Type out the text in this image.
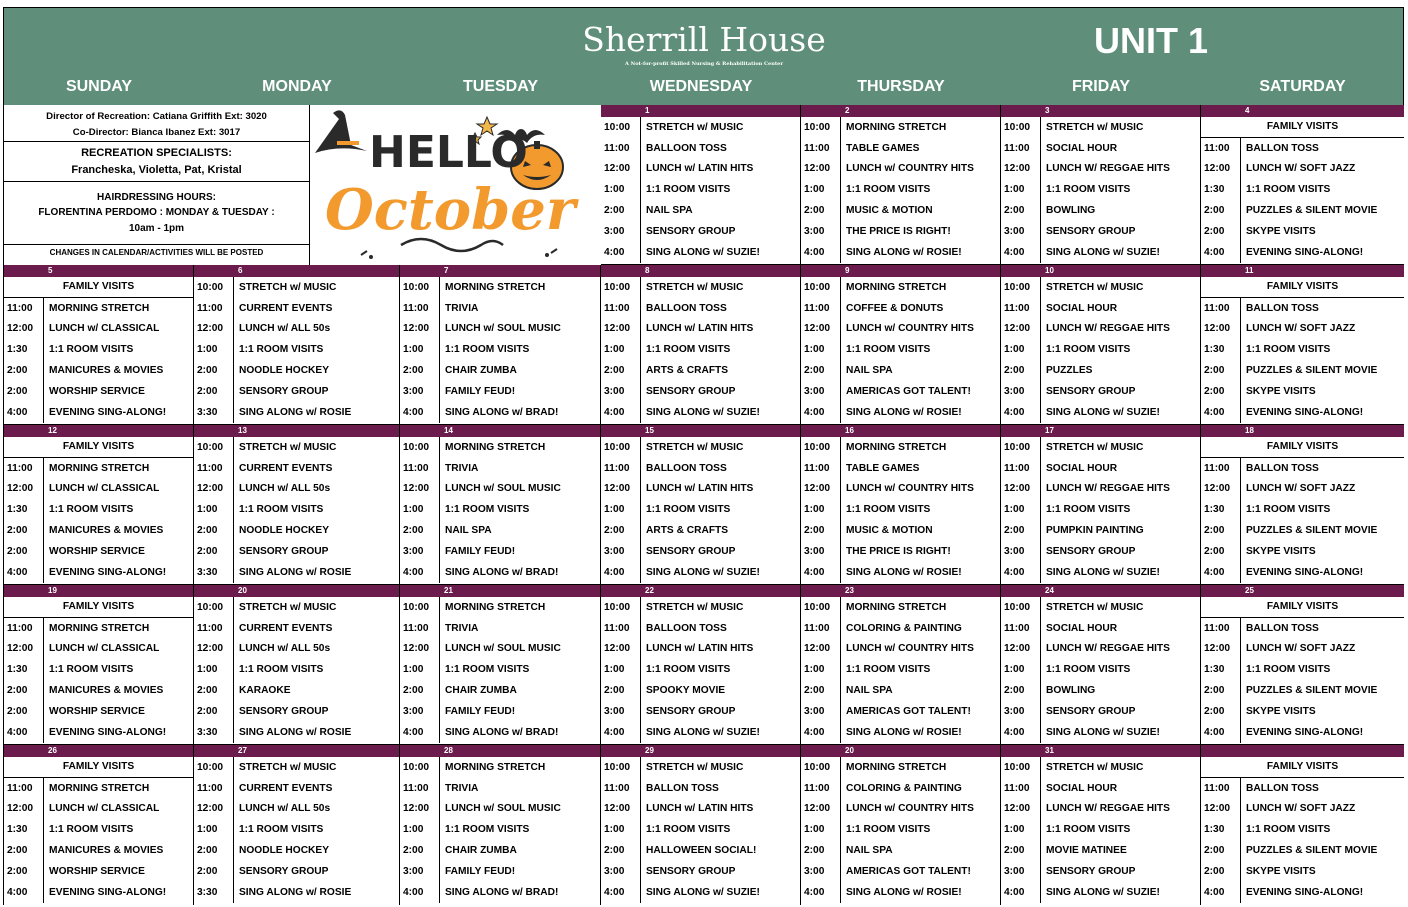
Sherrill House
A Not-for-profit Skilled Nursing & Rehabilitation Center
UNIT 1
SUNDAY	MONDAY	TUESDAY	WEDNESDAY	THURSDAY	FRIDAY	SATURDAY
Director of Recreation: Catiana Griffith Ext: 3020
Co-Director: Bianca Ibanez Ext: 3017
RECREATION SPECIALISTS:
Francheska, Violetta, Pat, Kristal
HAIRDRESSING HOURS:
FLORENTINA PERDOMO : MONDAY & TUESDAY :
10am - 1pm
CHANGES IN CALENDAR/ACTIVITIES WILL BE POSTED
HELLO
October
1
10:00	STRETCH w/ MUSIC
11:00	BALLOON TOSS
12:00	LUNCH w/ LATIN HITS
1:00	1:1 ROOM VISITS
2:00	NAIL SPA
3:00	SENSORY GROUP
4:00	SING ALONG w/ SUZIE!
2
10:00	MORNING STRETCH
11:00	TABLE GAMES
12:00	LUNCH w/ COUNTRY HITS
1:00	1:1 ROOM VISITS
2:00	MUSIC & MOTION
3:00	THE PRICE IS RIGHT!
4:00	SING ALONG w/ ROSIE!
3
10:00	STRETCH w/ MUSIC
11:00	SOCIAL HOUR
12:00	LUNCH W/ REGGAE HITS
1:00	1:1 ROOM VISITS
2:00	BOWLING
3:00	SENSORY GROUP
4:00	SING ALONG w/ SUZIE!
4
FAMILY VISITS
11:00	BALLON TOSS
12:00	LUNCH W/ SOFT JAZZ
1:30	1:1 ROOM VISITS
2:00	PUZZLES & SILENT MOVIE
2:00	SKYPE VISITS
4:00	EVENING SING-ALONG!
5
FAMILY VISITS
11:00	MORNING STRETCH
12:00	LUNCH w/ CLASSICAL
1:30	1:1 ROOM VISITS
2:00	MANICURES & MOVIES
2:00	WORSHIP SERVICE
4:00	EVENING SING-ALONG!
6
10:00	STRETCH w/ MUSIC
11:00	CURRENT EVENTS
12:00	LUNCH w/ ALL 50s
1:00	1:1 ROOM VISITS
2:00	NOODLE HOCKEY
2:00	SENSORY GROUP
3:30	SING ALONG w/ ROSIE
7
10:00	MORNING STRETCH
11:00	TRIVIA
12:00	LUNCH w/ SOUL MUSIC
1:00	1:1 ROOM VISITS
2:00	CHAIR ZUMBA
3:00	FAMILY FEUD!
4:00	SING ALONG w/ BRAD!
8
10:00	STRETCH w/ MUSIC
11:00	BALLOON TOSS
12:00	LUNCH w/ LATIN HITS
1:00	1:1 ROOM VISITS
2:00	ARTS & CRAFTS
3:00	SENSORY GROUP
4:00	SING ALONG w/ SUZIE!
9
10:00	MORNING STRETCH
11:00	COFFEE & DONUTS
12:00	LUNCH w/ COUNTRY HITS
1:00	1:1 ROOM VISITS
2:00	NAIL SPA
3:00	AMERICAS GOT TALENT!
4:00	SING ALONG w/ ROSIE!
10
10:00	STRETCH w/ MUSIC
11:00	SOCIAL HOUR
12:00	LUNCH W/ REGGAE HITS
1:00	1:1 ROOM VISITS
2:00	PUZZLES
3:00	SENSORY GROUP
4:00	SING ALONG w/ SUZIE!
11
FAMILY VISITS
11:00	BALLON TOSS
12:00	LUNCH W/ SOFT JAZZ
1:30	1:1 ROOM VISITS
2:00	PUZZLES & SILENT MOVIE
2:00	SKYPE VISITS
4:00	EVENING SING-ALONG!
12
FAMILY VISITS
11:00	MORNING STRETCH
12:00	LUNCH w/ CLASSICAL
1:30	1:1 ROOM VISITS
2:00	MANICURES & MOVIES
2:00	WORSHIP SERVICE
4:00	EVENING SING-ALONG!
13
10:00	STRETCH w/ MUSIC
11:00	CURRENT EVENTS
12:00	LUNCH w/ ALL 50s
1:00	1:1 ROOM VISITS
2:00	NOODLE HOCKEY
2:00	SENSORY GROUP
3:30	SING ALONG w/ ROSIE
14
10:00	MORNING STRETCH
11:00	TRIVIA
12:00	LUNCH w/ SOUL MUSIC
1:00	1:1 ROOM VISITS
2:00	NAIL SPA
3:00	FAMILY FEUD!
4:00	SING ALONG w/ BRAD!
15
10:00	STRETCH w/ MUSIC
11:00	BALLOON TOSS
12:00	LUNCH w/ LATIN HITS
1:00	1:1 ROOM VISITS
2:00	ARTS & CRAFTS
3:00	SENSORY GROUP
4:00	SING ALONG w/ SUZIE!
16
10:00	MORNING STRETCH
11:00	TABLE GAMES
12:00	LUNCH w/ COUNTRY HITS
1:00	1:1 ROOM VISITS
2:00	MUSIC & MOTION
3:00	THE PRICE IS RIGHT!
4:00	SING ALONG w/ ROSIE!
17
10:00	STRETCH w/ MUSIC
11:00	SOCIAL HOUR
12:00	LUNCH W/ REGGAE HITS
1:00	1:1 ROOM VISITS
2:00	PUMPKIN PAINTING
3:00	SENSORY GROUP
4:00	SING ALONG w/ SUZIE!
18
FAMILY VISITS
11:00	BALLON TOSS
12:00	LUNCH W/ SOFT JAZZ
1:30	1:1 ROOM VISITS
2:00	PUZZLES & SILENT MOVIE
2:00	SKYPE VISITS
4:00	EVENING SING-ALONG!
19
FAMILY VISITS
11:00	MORNING STRETCH
12:00	LUNCH w/ CLASSICAL
1:30	1:1 ROOM VISITS
2:00	MANICURES & MOVIES
2:00	WORSHIP SERVICE
4:00	EVENING SING-ALONG!
20
10:00	STRETCH w/ MUSIC
11:00	CURRENT EVENTS
12:00	LUNCH w/ ALL 50s
1:00	1:1 ROOM VISITS
2:00	KARAOKE
2:00	SENSORY GROUP
3:30	SING ALONG w/ ROSIE
21
10:00	MORNING STRETCH
11:00	TRIVIA
12:00	LUNCH w/ SOUL MUSIC
1:00	1:1 ROOM VISITS
2:00	CHAIR ZUMBA
3:00	FAMILY FEUD!
4:00	SING ALONG w/ BRAD!
22
10:00	STRETCH w/ MUSIC
11:00	BALLOON TOSS
12:00	LUNCH w/ LATIN HITS
1:00	1:1 ROOM VISITS
2:00	SPOOKY MOVIE
3:00	SENSORY GROUP
4:00	SING ALONG w/ SUZIE!
23
10:00	MORNING STRETCH
11:00	COLORING & PAINTING
12:00	LUNCH w/ COUNTRY HITS
1:00	1:1 ROOM VISITS
2:00	NAIL SPA
3:00	AMERICAS GOT TALENT!
4:00	SING ALONG w/ ROSIE!
24
10:00	STRETCH w/ MUSIC
11:00	SOCIAL HOUR
12:00	LUNCH W/ REGGAE HITS
1:00	1:1 ROOM VISITS
2:00	BOWLING
3:00	SENSORY GROUP
4:00	SING ALONG w/ SUZIE!
25
FAMILY VISITS
11:00	BALLON TOSS
12:00	LUNCH W/ SOFT JAZZ
1:30	1:1 ROOM VISITS
2:00	PUZZLES & SILENT MOVIE
2:00	SKYPE VISITS
4:00	EVENING SING-ALONG!
26
FAMILY VISITS
11:00	MORNING STRETCH
12:00	LUNCH w/ CLASSICAL
1:30	1:1 ROOM VISITS
2:00	MANICURES & MOVIES
2:00	WORSHIP SERVICE
4:00	EVENING SING-ALONG!
27
10:00	STRETCH w/ MUSIC
11:00	CURRENT EVENTS
12:00	LUNCH w/ ALL 50s
1:00	1:1 ROOM VISITS
2:00	NOODLE HOCKEY
2:00	SENSORY GROUP
3:30	SING ALONG w/ ROSIE
28
10:00	MORNING STRETCH
11:00	TRIVIA
12:00	LUNCH w/ SOUL MUSIC
1:00	1:1 ROOM VISITS
2:00	CHAIR ZUMBA
3:00	FAMILY FEUD!
4:00	SING ALONG w/ BRAD!
29
10:00	STRETCH w/ MUSIC
11:00	BALLON TOSS
12:00	LUNCH w/ LATIN HITS
1:00	1:1 ROOM VISITS
2:00	HALLOWEEN SOCIAL!
3:00	SENSORY GROUP
4:00	SING ALONG w/ SUZIE!
20
10:00	MORNING STRETCH
11:00	COLORING & PAINTING
12:00	LUNCH w/ COUNTRY HITS
1:00	1:1 ROOM VISITS
2:00	NAIL SPA
3:00	AMERICAS GOT TALENT!
4:00	SING ALONG w/ ROSIE!
31
10:00	STRETCH w/ MUSIC
11:00	SOCIAL HOUR
12:00	LUNCH W/ REGGAE HITS
1:00	1:1 ROOM VISITS
2:00	MOVIE MATINEE
3:00	SENSORY GROUP
4:00	SING ALONG w/ SUZIE!
FAMILY VISITS
11:00	BALLON TOSS
12:00	LUNCH W/ SOFT JAZZ
1:30	1:1 ROOM VISITS
2:00	PUZZLES & SILENT MOVIE
2:00	SKYPE VISITS
4:00	EVENING SING-ALONG!
